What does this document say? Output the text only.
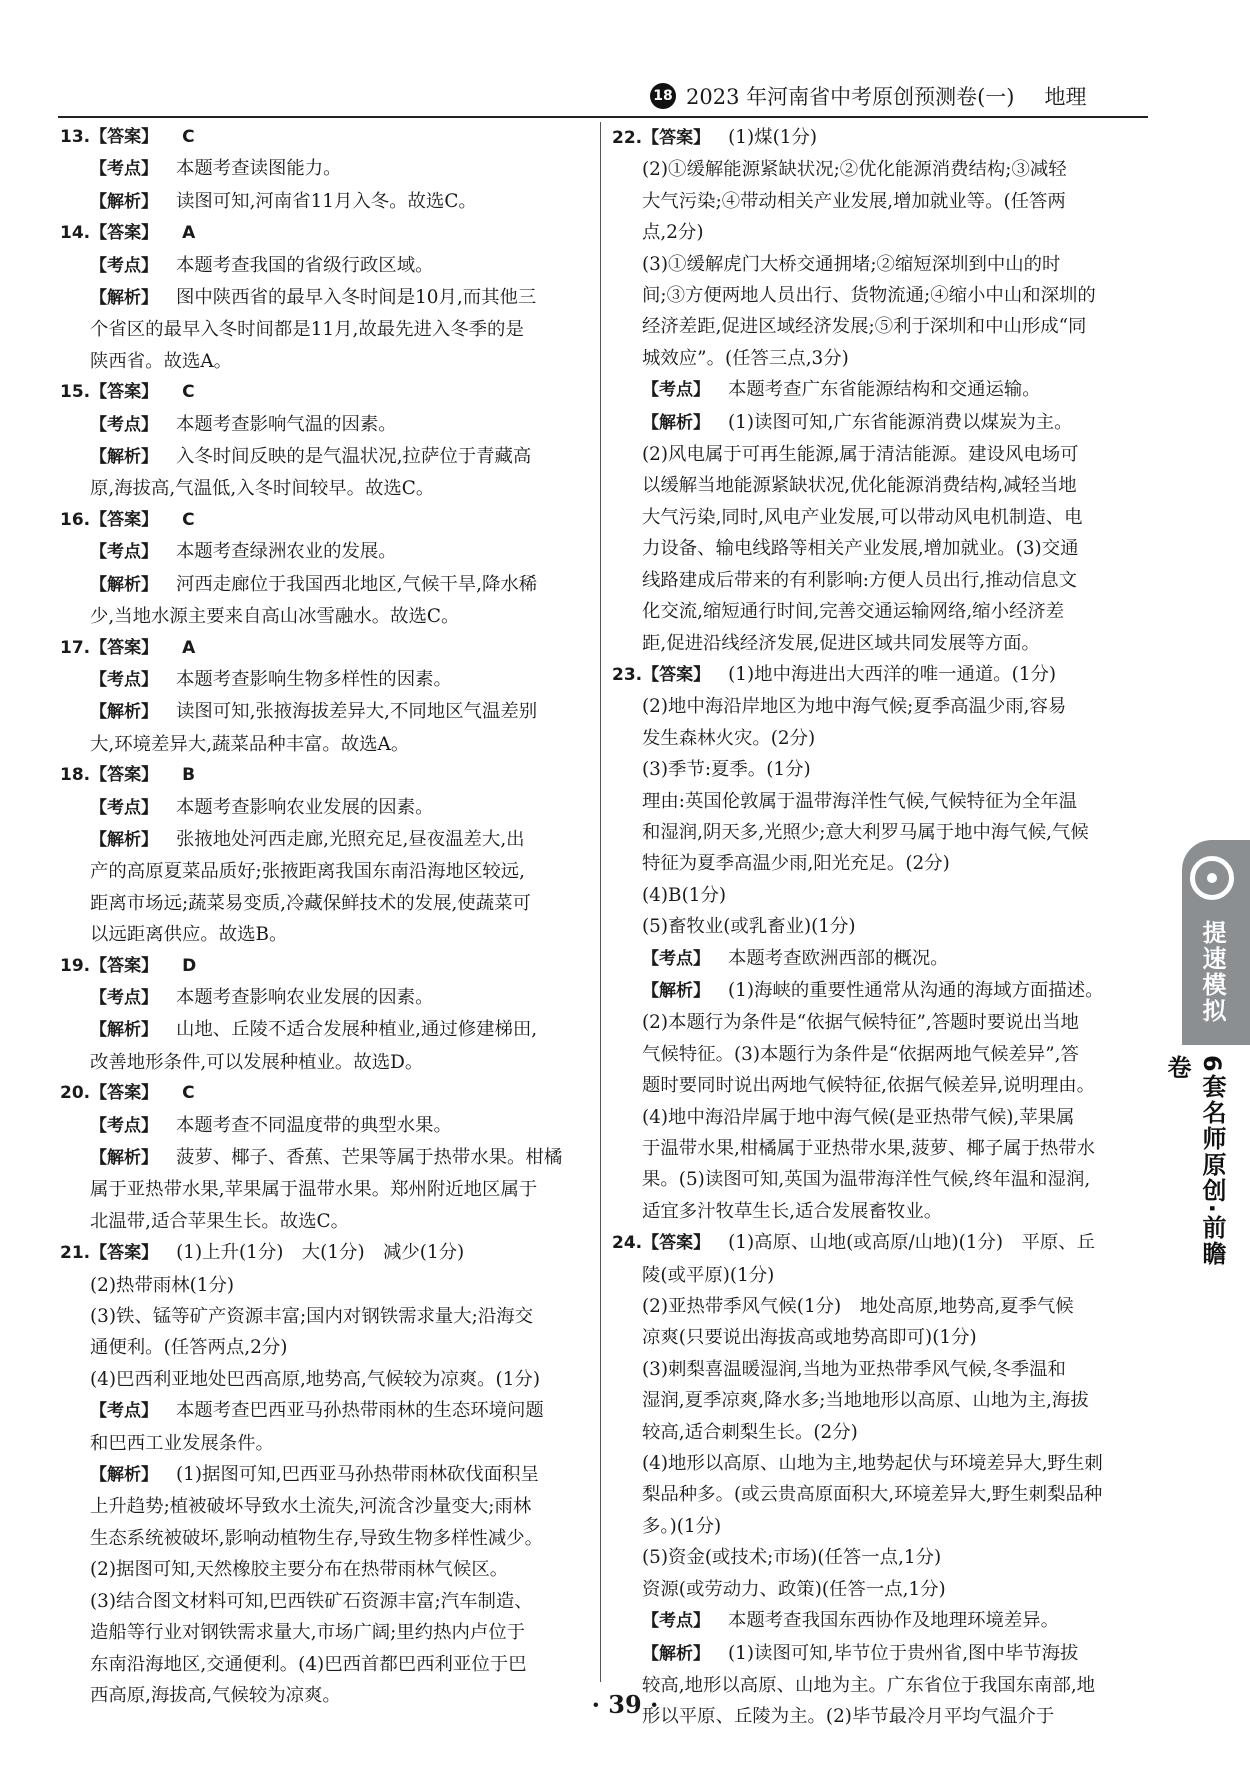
18 2023 年河南省中考原创预测卷(一) 地理
13. 【答案】 C
【考点】 本题考查读图能力。
【解析】 读图可知,河南省11月入冬。故选C。
14. 【答案】 A
【考点】 本题考查我国的省级行政区域。
【解析】 图中陕西省的最早入冬时间是10月,而其他三
个省区的最早入冬时间都是11月,故最先进入冬季的是
陕西省。故选A。
15. 【答案】 C
【考点】 本题考查影响气温的因素。
【解析】 入冬时间反映的是气温状况,拉萨位于青藏高
原,海拔高,气温低,入冬时间较早。故选C。
16. 【答案】 C
【考点】 本题考查绿洲农业的发展。
【解析】 河西走廊位于我国西北地区,气候干旱,降水稀
少,当地水源主要来自高山冰雪融水。故选C。
17. 【答案】 A
【考点】 本题考查影响生物多样性的因素。
【解析】 读图可知,张掖海拔差异大,不同地区气温差别
大,环境差异大,蔬菜品种丰富。故选A。
18. 【答案】 B
【考点】 本题考查影响农业发展的因素。
【解析】 张掖地处河西走廊,光照充足,昼夜温差大,出
产的高原夏菜品质好;张掖距离我国东南沿海地区较远,
距离市场远;蔬菜易变质,冷藏保鲜技术的发展,使蔬菜可
以远距离供应。故选B。
19. 【答案】 D
【考点】 本题考查影响农业发展的因素。
【解析】 山地、丘陵不适合发展种植业,通过修建梯田,
改善地形条件,可以发展种植业。故选D。
20. 【答案】 C
【考点】 本题考查不同温度带的典型水果。
【解析】 菠萝、椰子、香蕉、芒果等属于热带水果。柑橘
属于亚热带水果,苹果属于温带水果。郑州附近地区属于
北温带,适合苹果生长。故选C。
21. 【答案】 (1)上升(1分)　大(1分)　减少(1分)
(2)热带雨林(1分)
(3)铁、锰等矿产资源丰富;国内对钢铁需求量大;沿海交
通便利。(任答两点,2分)
(4)巴西利亚地处巴西高原,地势高,气候较为凉爽。(1分)
【考点】 本题考查巴西亚马孙热带雨林的生态环境问题
和巴西工业发展条件。
【解析】 (1)据图可知,巴西亚马孙热带雨林砍伐面积呈
上升趋势;植被破坏导致水土流失,河流含沙量变大;雨林
生态系统被破坏,影响动植物生存,导致生物多样性减少。
(2)据图可知,天然橡胶主要分布在热带雨林气候区。
(3)结合图文材料可知,巴西铁矿石资源丰富;汽车制造、
造船等行业对钢铁需求量大,市场广阔;里约热内卢位于
东南沿海地区,交通便利。(4)巴西首都巴西利亚位于巴
西高原,海拔高,气候较为凉爽。
22. 【答案】 (1)煤(1分)
(2)①缓解能源紧缺状况;②优化能源消费结构;③减轻
大气污染;④带动相关产业发展,增加就业等。(任答两
点,2分)
(3)①缓解虎门大桥交通拥堵;②缩短深圳到中山的时
间;③方便两地人员出行、货物流通;④缩小中山和深圳的
经济差距,促进区域经济发展;⑤利于深圳和中山形成“同
城效应”。(任答三点,3分)
【考点】 本题考查广东省能源结构和交通运输。
【解析】 (1)读图可知,广东省能源消费以煤炭为主。
(2)风电属于可再生能源,属于清洁能源。建设风电场可
以缓解当地能源紧缺状况,优化能源消费结构,减轻当地
大气污染,同时,风电产业发展,可以带动风电机制造、电
力设备、输电线路等相关产业发展,增加就业。(3)交通
线路建成后带来的有利影响:方便人员出行,推动信息文
化交流,缩短通行时间,完善交通运输网络,缩小经济差
距,促进沿线经济发展,促进区域共同发展等方面。
23. 【答案】 (1)地中海进出大西洋的唯一通道。(1分)
(2)地中海沿岸地区为地中海气候;夏季高温少雨,容易
发生森林火灾。(2分)
(3)季节:夏季。(1分)
理由:英国伦敦属于温带海洋性气候,气候特征为全年温
和湿润,阴天多,光照少;意大利罗马属于地中海气候,气候
特征为夏季高温少雨,阳光充足。(2分)
(4)B(1分)
(5)畜牧业(或乳畜业)(1分)
【考点】 本题考查欧洲西部的概况。
【解析】 (1)海峡的重要性通常从沟通的海域方面描述。
(2)本题行为条件是“依据气候特征”,答题时要说出当地
气候特征。(3)本题行为条件是“依据两地气候差异”,答
题时要同时说出两地气候特征,依据气候差异,说明理由。
(4)地中海沿岸属于地中海气候(是亚热带气候),苹果属
于温带水果,柑橘属于亚热带水果,菠萝、椰子属于热带水
果。(5)读图可知,英国为温带海洋性气候,终年温和湿润,
适宜多汁牧草生长,适合发展畜牧业。
24. 【答案】 (1)高原、山地(或高原/山地)(1分)　平原、丘
陵(或平原)(1分)
(2)亚热带季风气候(1分)　地处高原,地势高,夏季气候
凉爽(只要说出海拔高或地势高即可)(1分)
(3)刺梨喜温暖湿润,当地为亚热带季风气候,冬季温和
湿润,夏季凉爽,降水多;当地地形以高原、山地为主,海拔
较高,适合刺梨生长。(2分)
(4)地形以高原、山地为主,地势起伏与环境差异大,野生刺
梨品种多。(或云贵高原面积大,环境差异大,野生刺梨品种
多。)(1分)
(5)资金(或技术;市场)(任答一点,1分)
资源(或劳动力、政策)(任答一点,1分)
【考点】 本题考查我国东西协作及地理环境差异。
【解析】 (1)读图可知,毕节位于贵州省,图中毕节海拔
较高,地形以高原、山地为主。广东省位于我国东南部,地
形以平原、丘陵为主。(2)毕节最冷月平均气温介于
提速模拟
6套名师原创·前瞻卷
· 39 ·
